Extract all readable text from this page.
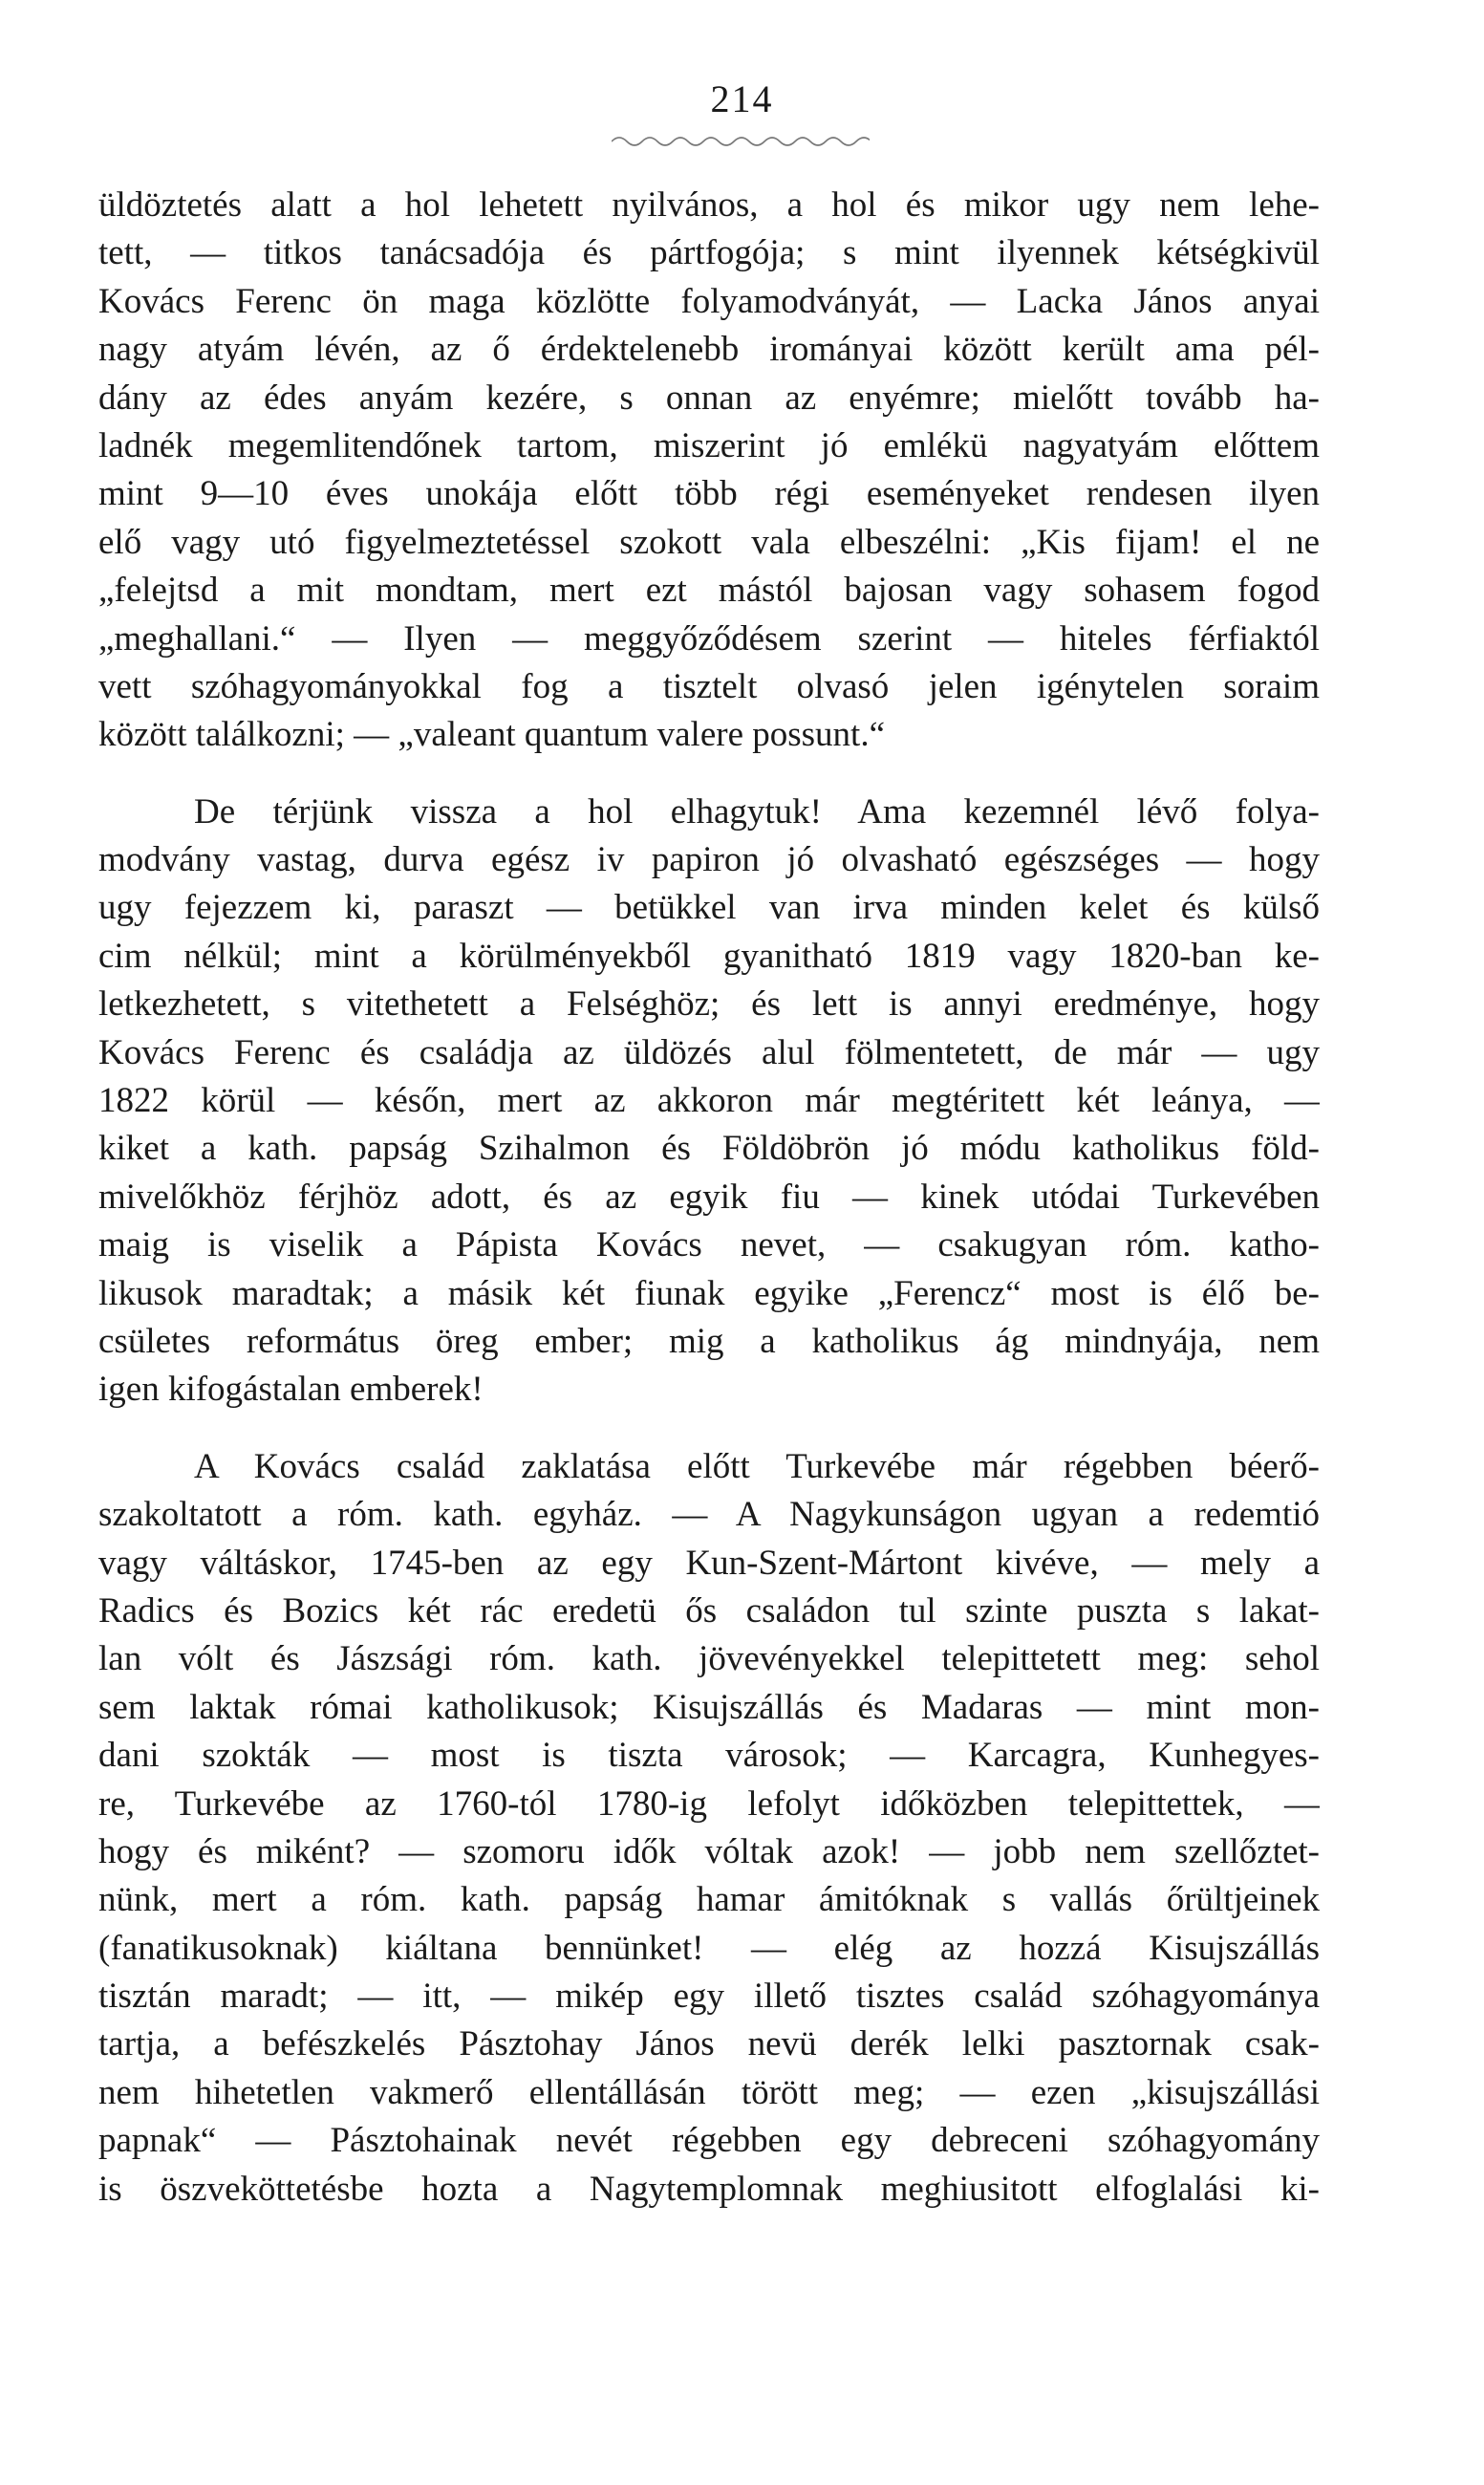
214
üldöztetés alatt a hol lehetett nyilvános, a hol és mikor ugy nem lehe-
tett, — titkos tanácsadója és pártfogója; s mint ilyennek kétségkivül
Kovács Ferenc ön maga közlötte folyamodványát, — Lacka János anyai
nagy atyám lévén, az ő érdektelenebb irományai között került ama pél-
dány az édes anyám kezére, s onnan az enyémre; mielőtt tovább ha-
ladnék megemlitendőnek tartom, miszerint jó emlékü nagyatyám előttem
mint 9—10 éves unokája előtt több régi eseményeket rendesen ilyen
elő vagy utó figyelmeztetéssel szokott vala elbeszélni: „Kis fijam! el ne
„felejtsd a mit mondtam, mert ezt mástól bajosan vagy sohasem fogod
„meghallani.“ — Ilyen — meggyőződésem szerint — hiteles férfiaktól
vett szóhagyományokkal fog a tisztelt olvasó jelen igénytelen soraim
között találkozni; — „valeant quantum valere possunt.“
De térjünk vissza a hol elhagytuk! Ama kezemnél lévő folya-
modvány vastag, durva egész iv papiron jó olvasható egészséges — hogy
ugy fejezzem ki, paraszt — betükkel van irva minden kelet és külső
cim nélkül; mint a körülményekből gyanitható 1819 vagy 1820-ban ke-
letkezhetett, s vitethetett a Felséghöz; és lett is annyi eredménye, hogy
Kovács Ferenc és családja az üldözés alul fölmentetett, de már — ugy
1822 körül — későn, mert az akkoron már megtéritett két leánya, —
kiket a kath. papság Szihalmon és Földöbrön jó módu katholikus föld-
mivelőkhöz férjhöz adott, és az egyik fiu — kinek utódai Turkevében
maig is viselik a Pápista Kovács nevet, — csakugyan róm. katho-
likusok maradtak; a másik két fiunak egyike „Ferencz“ most is élő be-
csületes református öreg ember; mig a katholikus ág mindnyája, nem
igen kifogástalan emberek!
A Kovács család zaklatása előtt Turkevébe már régebben béerő-
szakoltatott a róm. kath. egyház. — A Nagykunságon ugyan a redemtió
vagy váltáskor, 1745-ben az egy Kun-Szent-Mártont kivéve, — mely a
Radics és Bozics két rác eredetü ős családon tul szinte puszta s lakat-
lan vólt és Jászsági róm. kath. jövevényekkel telepittetett meg: sehol
sem laktak római katholikusok; Kisujszállás és Madaras — mint mon-
dani szokták — most is tiszta városok; — Karcagra, Kunhegyes-
re, Turkevébe az 1760-tól 1780-ig lefolyt időközben telepittettek, —
hogy és miként? — szomoru idők vóltak azok! — jobb nem szellőztet-
nünk, mert a róm. kath. papság hamar ámitóknak s vallás őrültjeinek
(fanatikusoknak) kiáltana bennünket! — elég az hozzá Kisujszállás
tisztán maradt; — itt, — mikép egy illető tisztes család szóhagyománya
tartja, a befészkelés Pásztohay János nevü derék lelki pasztornak csak-
nem hihetetlen vakmerő ellentállásán törött meg; — ezen „kisujszállási
papnak“ — Pásztohainak nevét régebben egy debreceni szóhagyomány
is öszveköttetésbe hozta a Nagytemplomnak meghiusitott elfoglalási ki-
